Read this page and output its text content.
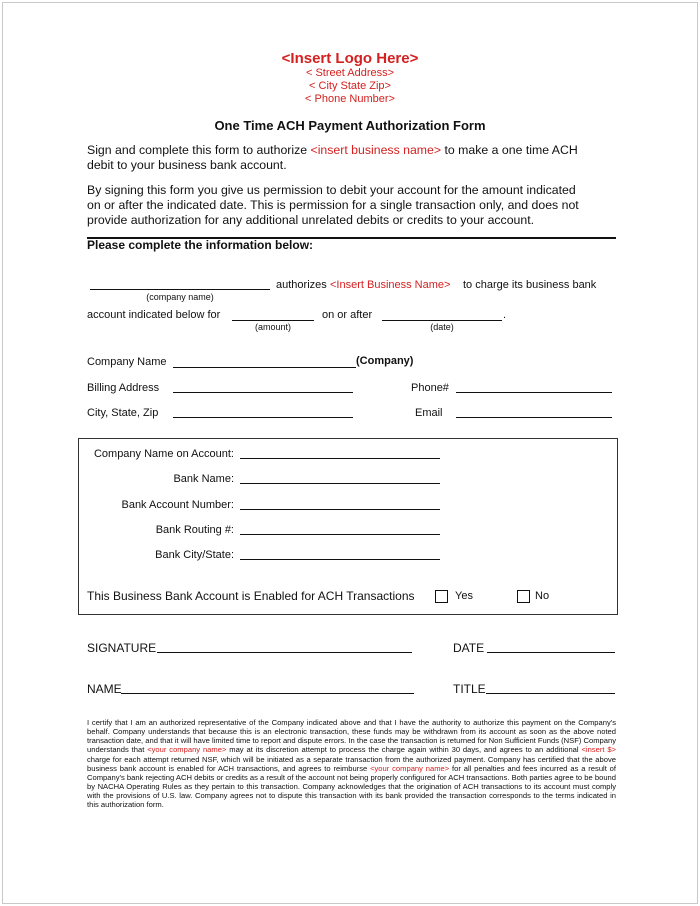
<Insert Logo Here>
< Street Address>
< City State Zip>
< Phone Number>
One Time ACH Payment Authorization Form
Sign and complete this form to authorize <insert business name> to make a one time ACH
debit to your business bank account.
By signing this form you give us permission to debit your account for the amount indicated
on or after the indicated date. This is permission for a single transaction only, and does not
provide authorization for any additional unrelated debits or credits to your account.
Please complete the information below:
authorizes <Insert Business Name> to charge its business bank
(company name)
account indicated below for	on or after	.
(amount)	(date)
Company Name	(Company)
Billing Address	Phone#
City, State, Zip	Email
Company Name on Account:
Bank Name:
Bank Account Number:
Bank Routing #:
Bank City/State:
This Business Bank Account is Enabled for ACH Transactions	Yes	No
SIGNATURE	DATE
NAME	TITLE
I certify that I am an authorized representative of the Company indicated above and that I have the authority to authorize this payment on the Company's behalf. Company understands that because this is an electronic transaction, these funds may be withdrawn from its account as soon as the above noted transaction date, and that it will have limited time to report and dispute errors. In the case the transaction is returned for Non Sufficient Funds (NSF) Company understands that <your company name> may at its discretion attempt to process the charge again within 30 days, and agrees to an additional <insert $> charge for each attempt returned NSF, which will be initiated as a separate transaction from the authorized payment. Company has certified that the above business bank account is enabled for ACH transactions, and agrees to reimburse <your company name> for all penalties and fees incurred as a result of Company's bank rejecting ACH debits or credits as a result of the account not being properly configured for ACH transactions. Both parties agree to be bound by NACHA Operating Rules as they pertain to this transaction. Company acknowledges that the origination of ACH transactions to its account must comply with the provisions of U.S. law. Company agrees not to dispute this transaction with its bank provided the transaction corresponds to the terms indicated in this authorization form.
